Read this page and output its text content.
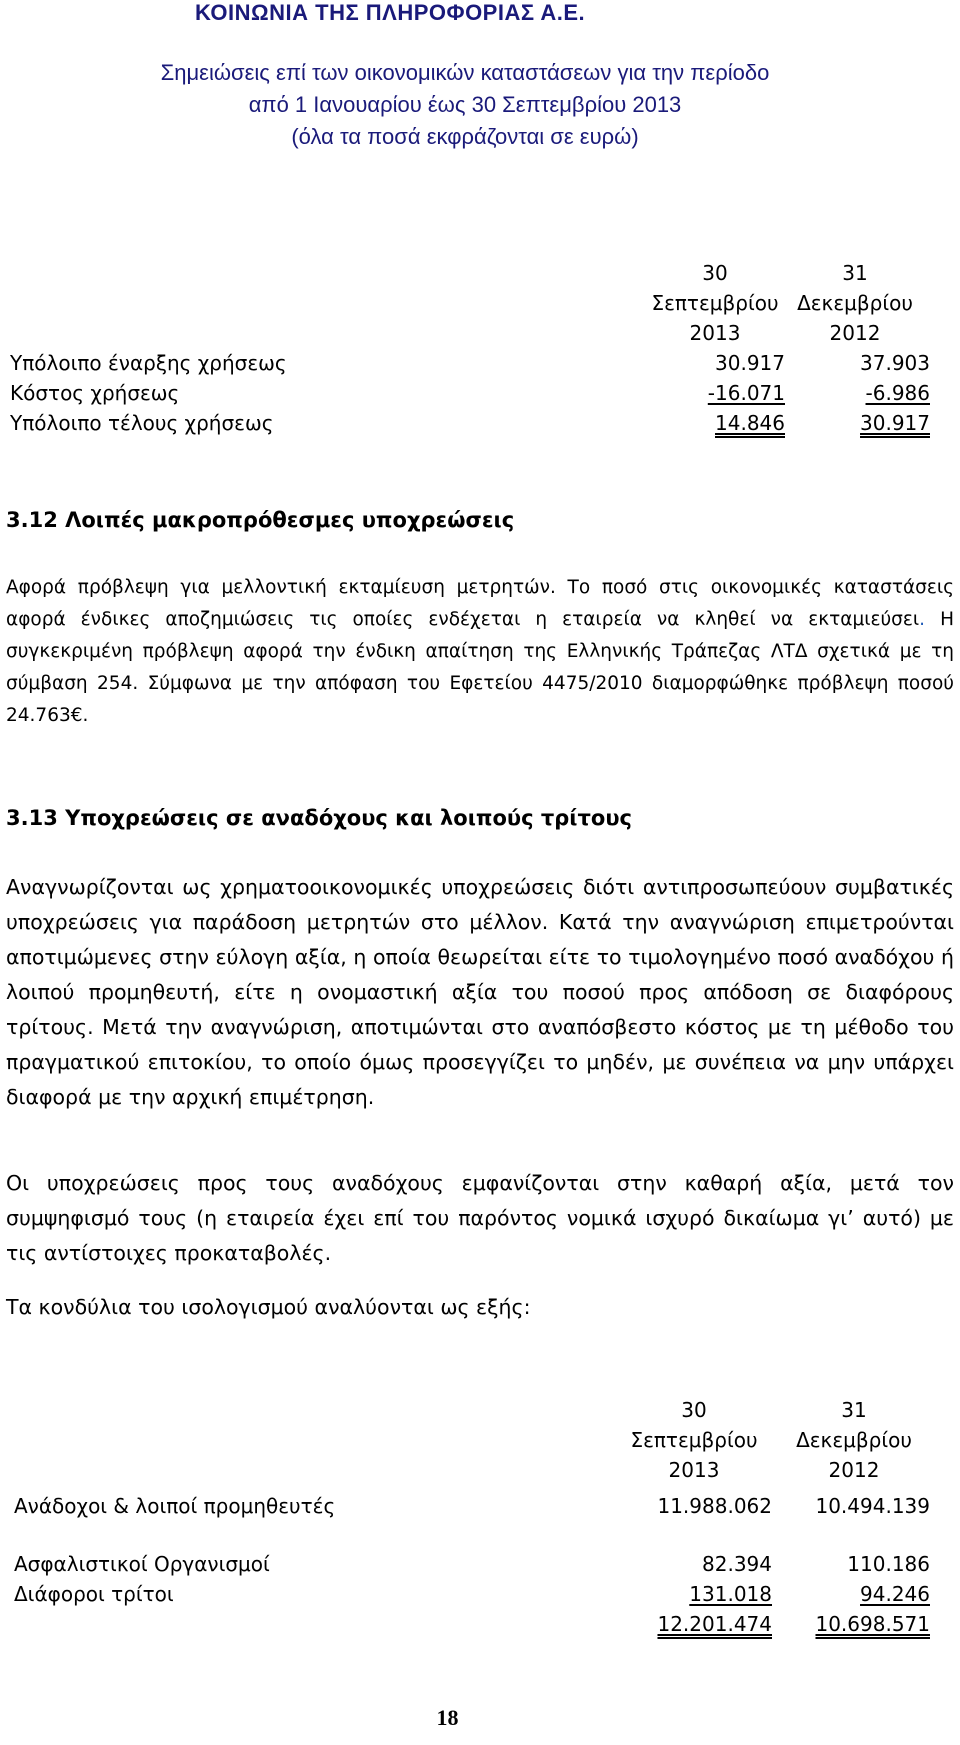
ΚΟΙΝΩΝΙΑ ΤΗΣ ΠΛΗΡΟΦΟΡΙΑΣ Α.Ε.
Σημειώσεις επί των οικονομικών καταστάσεων για την περίοδο
από 1 Ιανουαρίου έως 30 Σεπτεμβρίου 2013
(όλα τα ποσά εκφράζονται σε ευρώ)
30
Σεπτεμβρίου
2013
31
Δεκεμβρίου
2012
Υπόλοιπο έναρξης χρήσεως	30.917	37.903
Κόστος χρήσεως	-16.071	-6.986
Υπόλοιπο τέλους χρήσεως	14.846	30.917
3.12 Λοιπές μακροπρόθεσμες υποχρεώσεις
Αφορά πρόβλεψη για μελλοντική εκταμίευση μετρητών. Το ποσό στις οικονομικές καταστάσεις αφορά ένδικες αποζημιώσεις τις οποίες ενδέχεται η εταιρεία να κληθεί να εκταμιεύσει. Η συγκεκριμένη πρόβλεψη αφορά την ένδικη απαίτηση της Ελληνικής Τράπεζας ΛΤΔ σχετικά με τη σύμβαση 254. Σύμφωνα με την απόφαση του Εφετείου 4475/2010 διαμορφώθηκε πρόβλεψη ποσού 24.763€.
3.13 Υποχρεώσεις σε αναδόχους και λοιπούς τρίτους
Αναγνωρίζονται ως χρηματοοικονομικές υποχρεώσεις διότι αντιπροσωπεύουν συμβατικές υποχρεώσεις για παράδοση μετρητών στο μέλλον. Κατά την αναγνώριση επιμετρούνται αποτιμώμενες στην εύλογη αξία, η οποία θεωρείται είτε το τιμολογημένο ποσό αναδόχου ή λοιπού προμηθευτή, είτε η ονομαστική αξία του ποσού προς απόδοση σε διαφόρους τρίτους. Μετά την αναγνώριση, αποτιμώνται στο αναπόσβεστο κόστος με τη μέθοδο του πραγματικού επιτοκίου, το οποίο όμως προσεγγίζει το μηδέν, με συνέπεια να μην υπάρχει διαφορά με την αρχική επιμέτρηση.
Οι υποχρεώσεις προς τους αναδόχους εμφανίζονται στην καθαρή αξία, μετά τον συμψηφισμό τους (η εταιρεία έχει επί του παρόντος νομικά ισχυρό δικαίωμα γι’ αυτό) με τις αντίστοιχες προκαταβολές.
Τα κονδύλια του ισολογισμού αναλύονται ως εξής:
30
Σεπτεμβρίου
2013
31
Δεκεμβρίου
2012
Ανάδοχοι & λοιποί προμηθευτές	11.988.062 10.494.139
Ασφαλιστικοί Οργανισμοί	82.394	110.186
Διάφοροι τρίτοι	131.018	94.246
12.201.474 10.698.571
18
